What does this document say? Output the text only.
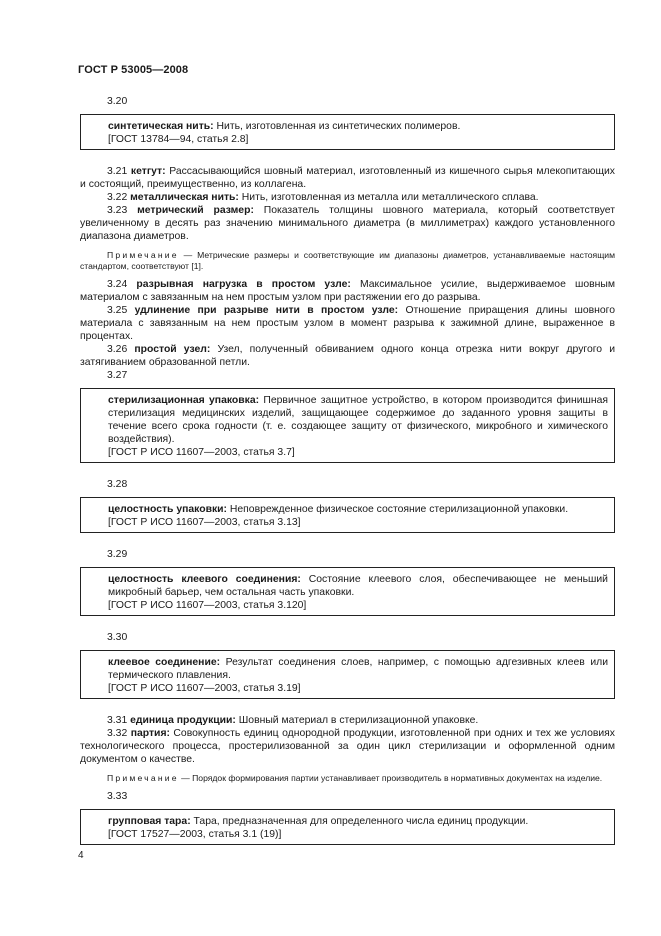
ГОСТ Р 53005—2008
3.20

синтетическая нить: Нить, изготовленная из синтетических полимеров.

[ГОСТ 13784—94, статья 2.8]

3.21 кетгут: Рассасывающийся шовный материал, изготовленный из кишечного сырья млекопитающих и состоящий, преимущественно, из коллагена.

3.22 металлическая нить: Нить, изготовленная из металла или металлического сплава.

3.23 метрический размер: Показатель толщины шовного материала, который соответствует увеличенному в десять раз значению минимального диаметра (в миллиметрах) каждого установленного диапазона диаметров.

Примечание — Метрические размеры и соответствующие им диапазоны диаметров, устанавливаемые настоящим стандартом, соответствуют [1].

3.24 разрывная нагрузка в простом узле: Максимальное усилие, выдерживаемое шовным материалом с завязанным на нем простым узлом при растяжении его до разрыва.

3.25 удлинение при разрыве нити в простом узле: Отношение приращения длины шовного материала с завязанным на нем простым узлом в момент разрыва к зажимной длине, выраженное в процентах.

3.26 простой узел: Узел, полученный обвиванием одного конца отрезка нити вокруг другого и затягиванием образованной петли.

3.27

стерилизационная упаковка: Первичное защитное устройство, в котором производится финишная стерилизация медицинских изделий, защищающее содержимое до заданного уровня защиты в течение всего срока годности (т. е. создающее защиту от физического, микробного и химического воздействия).

[ГОСТ Р ИСО 11607—2003, статья 3.7]

3.28

целостность упаковки: Неповрежденное физическое состояние стерилизационной упаковки.

[ГОСТ Р ИСО 11607—2003, статья 3.13]

3.29

целостность клеевого соединения: Состояние клеевого слоя, обеспечивающее не меньший микробный барьер, чем остальная часть упаковки.

[ГОСТ Р ИСО 11607—2003, статья 3.120]

3.30

клеевое соединение: Результат соединения слоев, например, с помощью адгезивных клеев или термического плавления.

[ГОСТ Р ИСО 11607—2003, статья 3.19]

3.31 единица продукции: Шовный материал в стерилизационной упаковке.

3.32 партия: Совокупность единиц однородной продукции, изготовленной при одних и тех же условиях технологического процесса, простерилизованной за один цикл стерилизации и оформленной одним документом о качестве.

Примечание — Порядок формирования партии устанавливает производитель в нормативных документах на изделие.

3.33

групповая тара: Тара, предназначенная для определенного числа единиц продукции.

[ГОСТ 17527—2003, статья 3.1 (19)]

4
